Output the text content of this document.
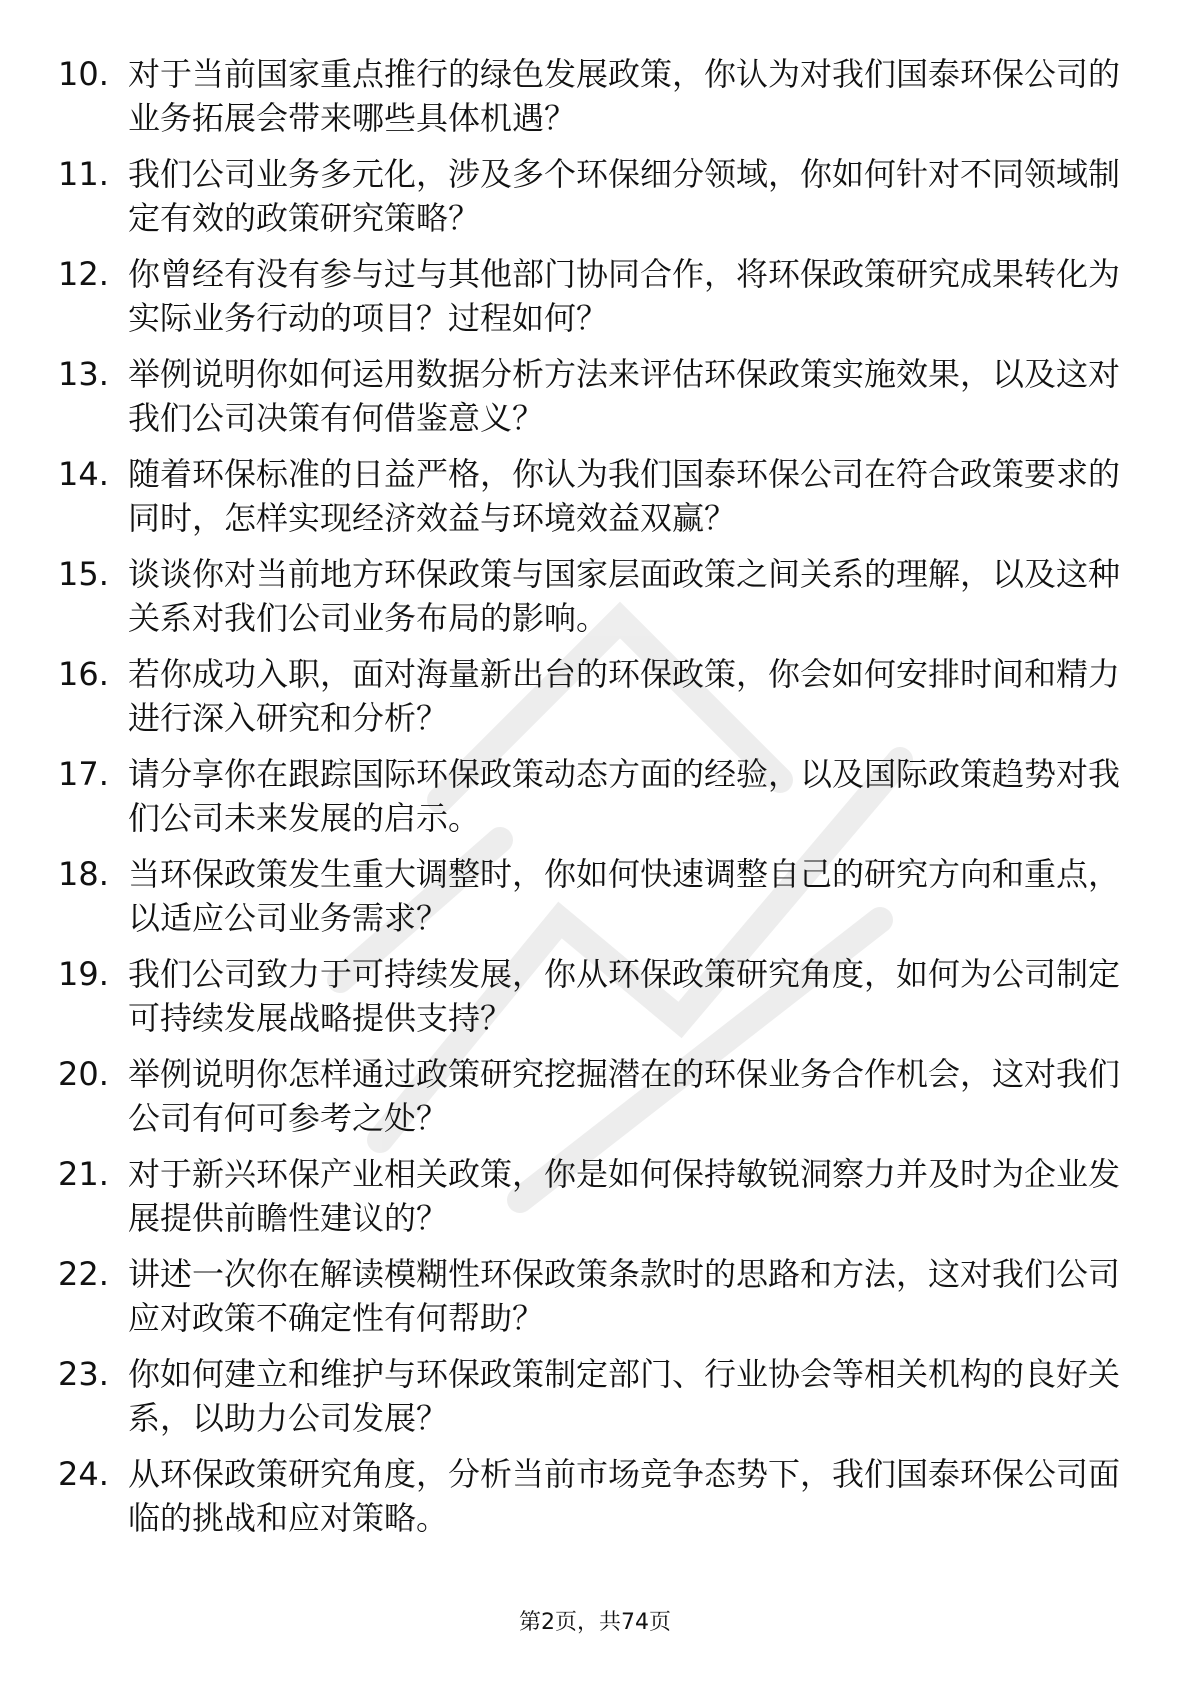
10. 对于当前国家重点推行的绿色发展政策，你认为对我们国泰环保公司的业务拓展会带来哪些具体机遇？
11. 我们公司业务多元化，涉及多个环保细分领域，你如何针对不同领域制定有效的政策研究策略？
12. 你曾经有没有参与过与其他部门协同合作，将环保政策研究成果转化为实际业务行动的项目？过程如何？
13. 举例说明你如何运用数据分析方法来评估环保政策实施效果，以及这对我们公司决策有何借鉴意义？
14. 随着环保标准的日益严格，你认为我们国泰环保公司在符合政策要求的同时，怎样实现经济效益与环境效益双赢？
15. 谈谈你对当前地方环保政策与国家层面政策之间关系的理解，以及这种关系对我们公司业务布局的影响。
16. 若你成功入职，面对海量新出台的环保政策，你会如何安排时间和精力进行深入研究和分析？
17. 请分享你在跟踪国际环保政策动态方面的经验，以及国际政策趋势对我们公司未来发展的启示。
18. 当环保政策发生重大调整时，你如何快速调整自己的研究方向和重点，以适应公司业务需求？
19. 我们公司致力于可持续发展，你从环保政策研究角度，如何为公司制定可持续发展战略提供支持？
20. 举例说明你怎样通过政策研究挖掘潜在的环保业务合作机会，这对我们公司有何可参考之处？
21. 对于新兴环保产业相关政策，你是如何保持敏锐洞察力并及时为企业发展提供前瞻性建议的？
22. 讲述一次你在解读模糊性环保政策条款时的思路和方法，这对我们公司应对政策不确定性有何帮助？
23. 你如何建立和维护与环保政策制定部门、行业协会等相关机构的良好关系，以助力公司发展？
24. 从环保政策研究角度，分析当前市场竞争态势下，我们国泰环保公司面临的挑战和应对策略。
第2页，共74页
